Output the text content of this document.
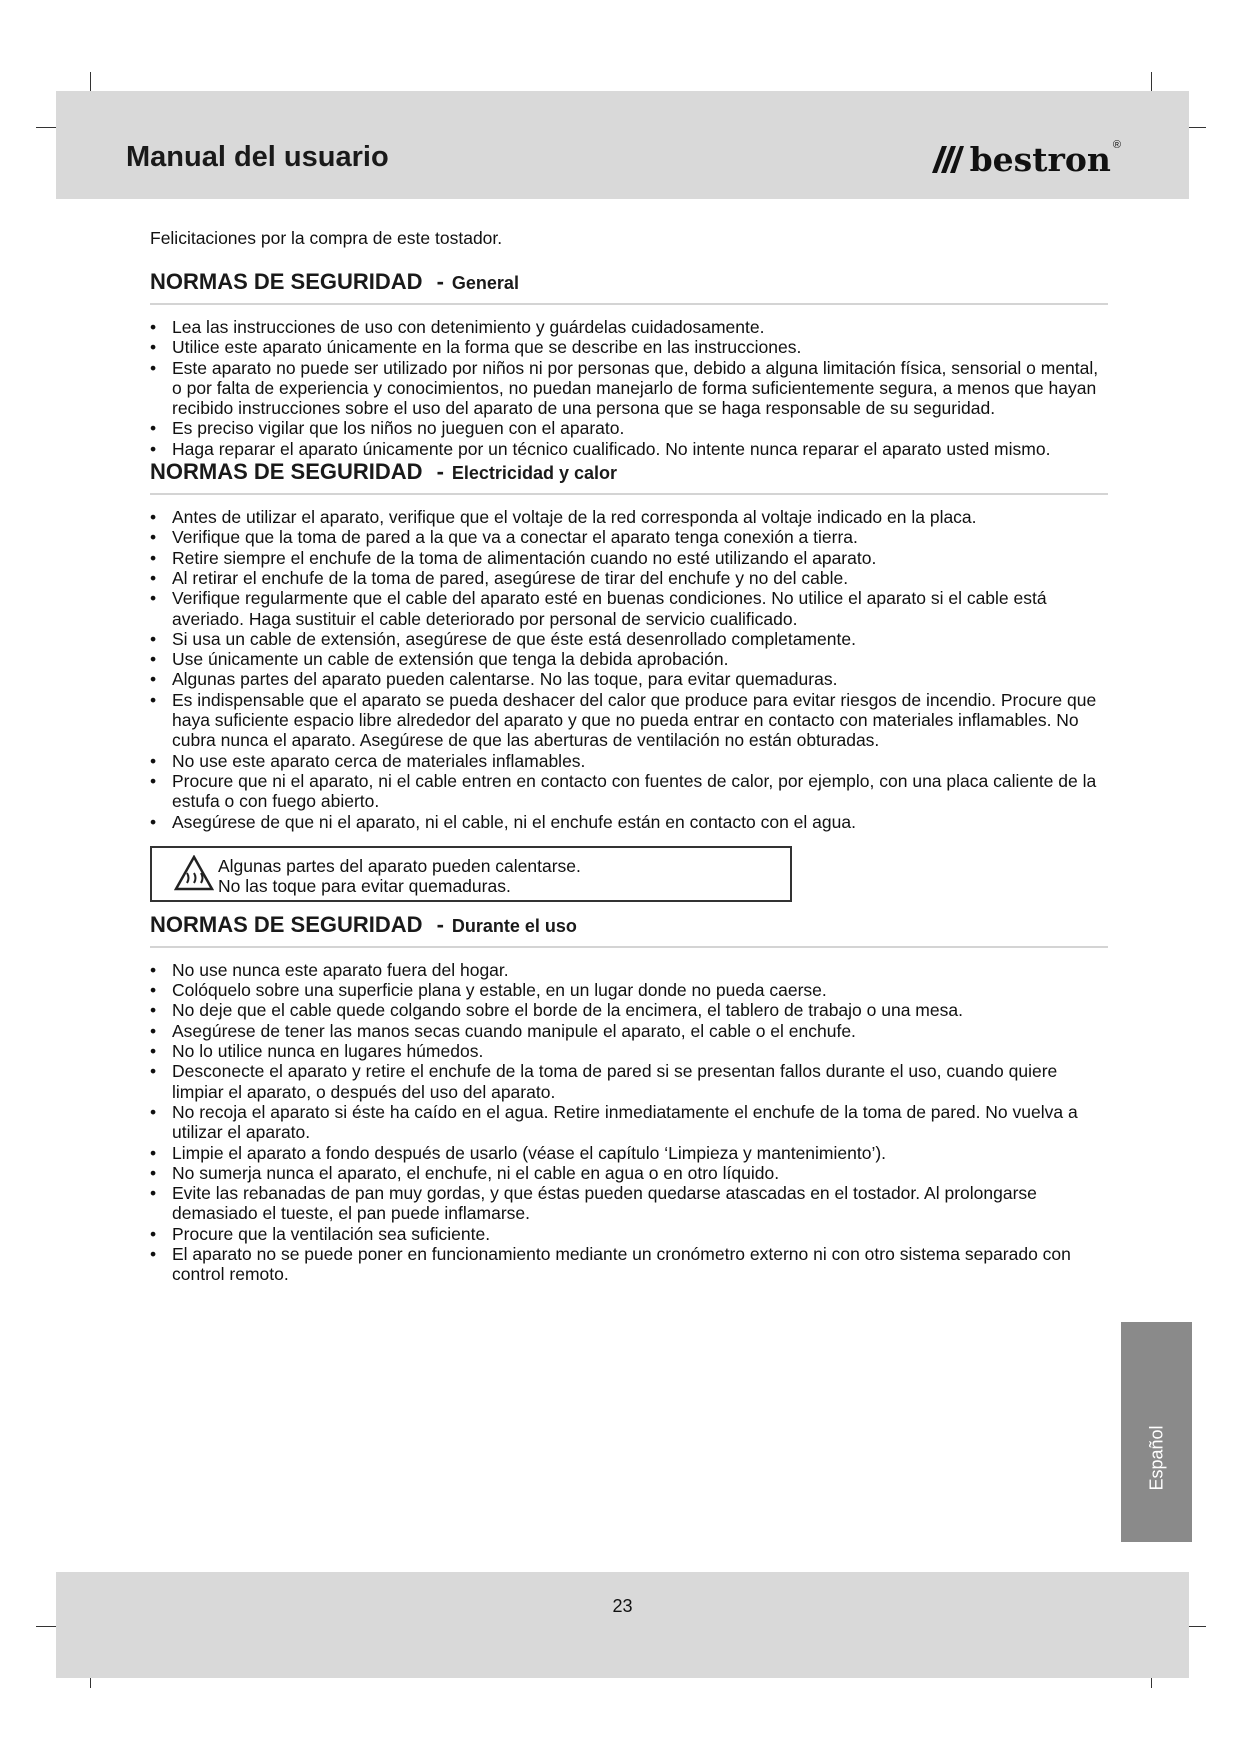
Manual del usuario	bestron ®

Felicitaciones por la compra de este tostador.

NORMAS DE SEGURIDAD - General
• Lea las instrucciones de uso con detenimiento y guárdelas cuidadosamente.
• Utilice este aparato únicamente en la forma que se describe en las instrucciones.
• Este aparato no puede ser utilizado por niños ni por personas que, debido a alguna limitación física, sensorial o mental, o por falta de experiencia y conocimientos, no puedan manejarlo de forma suficientemente segura, a menos que hayan recibido instrucciones sobre el uso del aparato de una persona que se haga responsable de su seguridad.
• Es preciso vigilar que los niños no jueguen con el aparato.
• Haga reparar el aparato únicamente por un técnico cualificado. No intente nunca reparar el aparato usted mismo.
NORMAS DE SEGURIDAD - Electricidad y calor
• Antes de utilizar el aparato, verifique que el voltaje de la red corresponda al voltaje indicado en la placa.
• Verifique que la toma de pared a la que va a conectar el aparato tenga conexión a tierra.
• Retire siempre el enchufe de la toma de alimentación cuando no esté utilizando el aparato.
• Al retirar el enchufe de la toma de pared, asegúrese de tirar del enchufe y no del cable.
• Verifique regularmente que el cable del aparato esté en buenas condiciones. No utilice el aparato si el cable está averiado. Haga sustituir el cable deteriorado por personal de servicio cualificado.
• Si usa un cable de extensión, asegúrese de que éste está desenrollado completamente.
• Use únicamente un cable de extensión que tenga la debida aprobación.
• Algunas partes del aparato pueden calentarse. No las toque, para evitar quemaduras.
• Es indispensable que el aparato se pueda deshacer del calor que produce para evitar riesgos de incendio. Procure que haya suficiente espacio libre alrededor del aparato y que no pueda entrar en contacto con materiales inflamables. No cubra nunca el aparato. Asegúrese de que las aberturas de ventilación no están obturadas.
• No use este aparato cerca de materiales inflamables.
• Procure que ni el aparato, ni el cable entren en contacto con fuentes de calor, por ejemplo, con una placa caliente de la estufa o con fuego abierto.
• Asegúrese de que ni el aparato, ni el cable, ni el enchufe están en contacto con el agua.
Algunas partes del aparato pueden calentarse.
No las toque para evitar quemaduras.
NORMAS DE SEGURIDAD - Durante el uso
• No use nunca este aparato fuera del hogar.
• Colóquelo sobre una superficie plana y estable, en un lugar donde no pueda caerse.
• No deje que el cable quede colgando sobre el borde de la encimera, el tablero de trabajo o una mesa.
• Asegúrese de tener las manos secas cuando manipule el aparato, el cable o el enchufe.
• No lo utilice nunca en lugares húmedos.
• Desconecte el aparato y retire el enchufe de la toma de pared si se presentan fallos durante el uso, cuando quiere limpiar el aparato, o después del uso del aparato.
• No recoja el aparato si éste ha caído en el agua. Retire inmediatamente el enchufe de la toma de pared. No vuelva a utilizar el aparato.
• Limpie el aparato a fondo después de usarlo (véase el capítulo ‘Limpieza y mantenimiento’).
• No sumerja nunca el aparato, el enchufe, ni el cable en agua o en otro líquido.
• Evite las rebanadas de pan muy gordas, y que éstas pueden quedarse atascadas en el tostador. Al prolongarse demasiado el tueste, el pan puede inflamarse.
• Procure que la ventilación sea suficiente.
• El aparato no se puede poner en funcionamiento mediante un cronómetro externo ni con otro sistema separado con control remoto.
Español
23
